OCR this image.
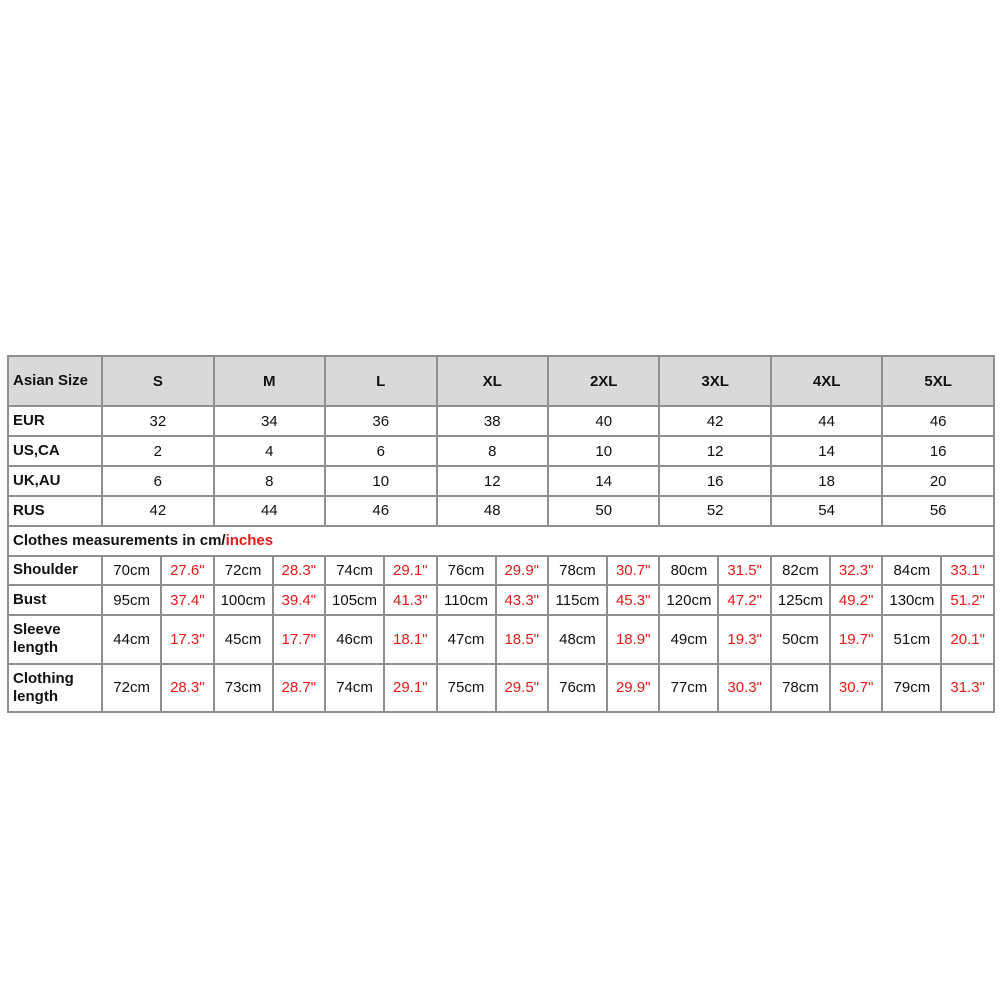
Asian Size	S		M		L		XL		2XL		3XL		4XL		5XL	
EUR	32		34		36		38		40		42		44		46	
US,CA	2		4		6		8		10		12		14		16	
UK,AU	6		8		10		12		14		16		18		20	
RUS	42		44		46		48		50		52		54		56	
Clothes measurements in cm/inches																
Shoulder	70cm	27.6"	72cm	28.3"	74cm	29.1"	76cm	29.9"	78cm	30.7"	80cm	31.5"	82cm	32.3"	84cm	33.1"
Bust	95cm	37.4"	100cm	39.4"	105cm	41.3"	110cm	43.3"	115cm	45.3"	120cm	47.2"	125cm	49.2"	130cm	51.2"
Sleeve length	44cm	17.3"	45cm	17.7"	46cm	18.1"	47cm	18.5"	48cm	18.9"	49cm	19.3"	50cm	19.7"	51cm	20.1"
Clothing length	72cm	28.3"	73cm	28.7"	74cm	29.1"	75cm	29.5"	76cm	29.9"	77cm	30.3"	78cm	30.7"	79cm	31.3"
